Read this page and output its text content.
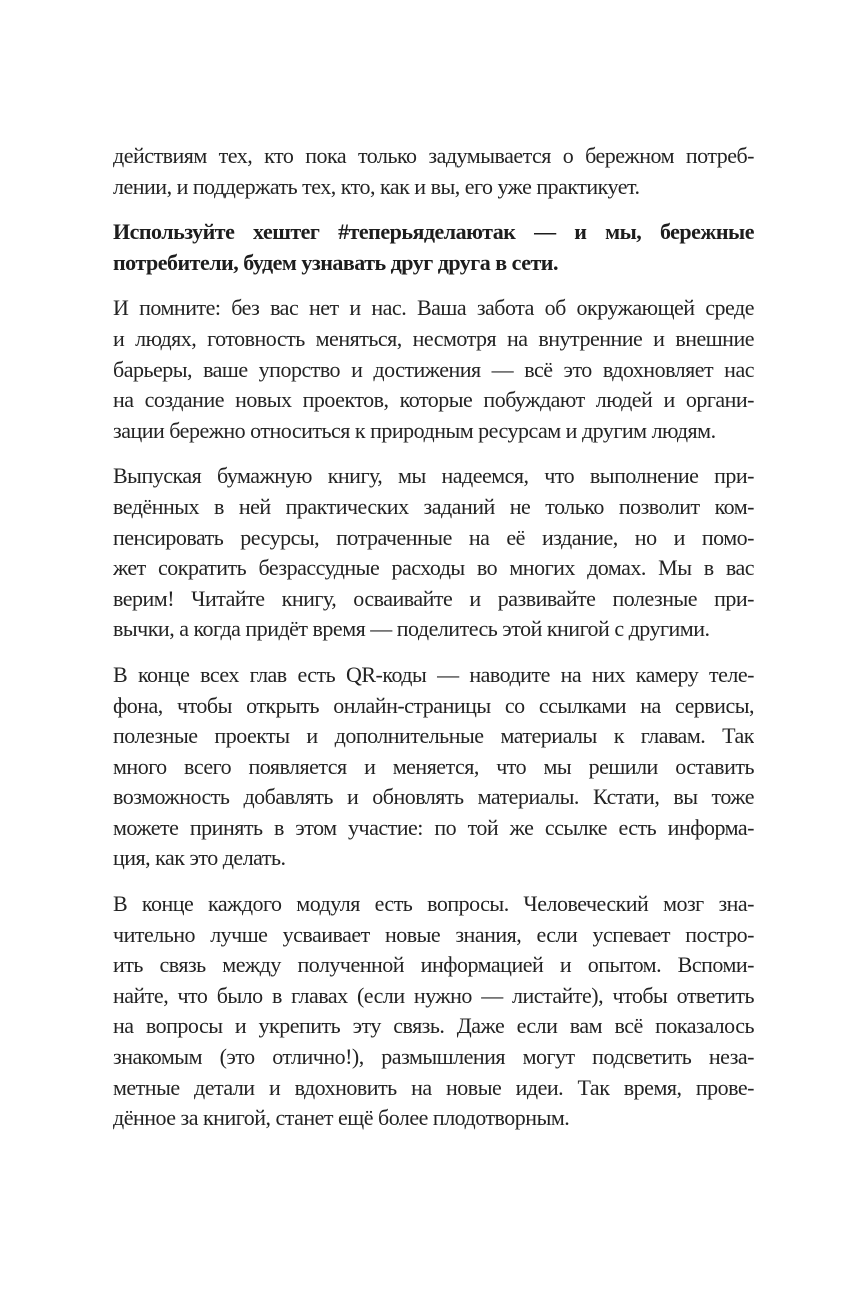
действиям тех, кто пока только задумывается о бережном потреб-
лении, и поддержать тех, кто, как и вы, его уже практикует.
Используйте хештег #теперьяделаютак — и мы, бережные
потребители, будем узнавать друг друга в сети.
И помните: без вас нет и нас. Ваша забота об окружающей среде
и людях, готовность меняться, несмотря на внутренние и внешние
барьеры, ваше упорство и достижения — всё это вдохновляет нас
на создание новых проектов, которые побуждают людей и органи-
зации бережно относиться к природным ресурсам и другим людям.
Выпуская бумажную книгу, мы надеемся, что выполнение при-
ведённых в ней практических заданий не только позволит ком-
пенсировать ресурсы, потраченные на её издание, но и помо-
жет сократить безрассудные расходы во многих домах. Мы в вас
верим! Читайте книгу, осваивайте и развивайте полезные при-
вычки, а когда придёт время — поделитесь этой книгой с другими.
В конце всех глав есть QR-коды — наводите на них камеру теле-
фона, чтобы открыть онлайн-страницы со ссылками на сервисы,
полезные проекты и дополнительные материалы к главам. Так
много всего появляется и меняется, что мы решили оставить
возможность добавлять и обновлять материалы. Кстати, вы тоже
можете принять в этом участие: по той же ссылке есть информа-
ция, как это делать.
В конце каждого модуля есть вопросы. Человеческий мозг зна-
чительно лучше усваивает новые знания, если успевает постро-
ить связь между полученной информацией и опытом. Вспоми-
найте, что было в главах (если нужно — листайте), чтобы ответить
на вопросы и укрепить эту связь. Даже если вам всё показалось
знакомым (это отлично!), размышления могут подсветить неза-
метные детали и вдохновить на новые идеи. Так время, прове-
дённое за книгой, станет ещё более плодотворным.
